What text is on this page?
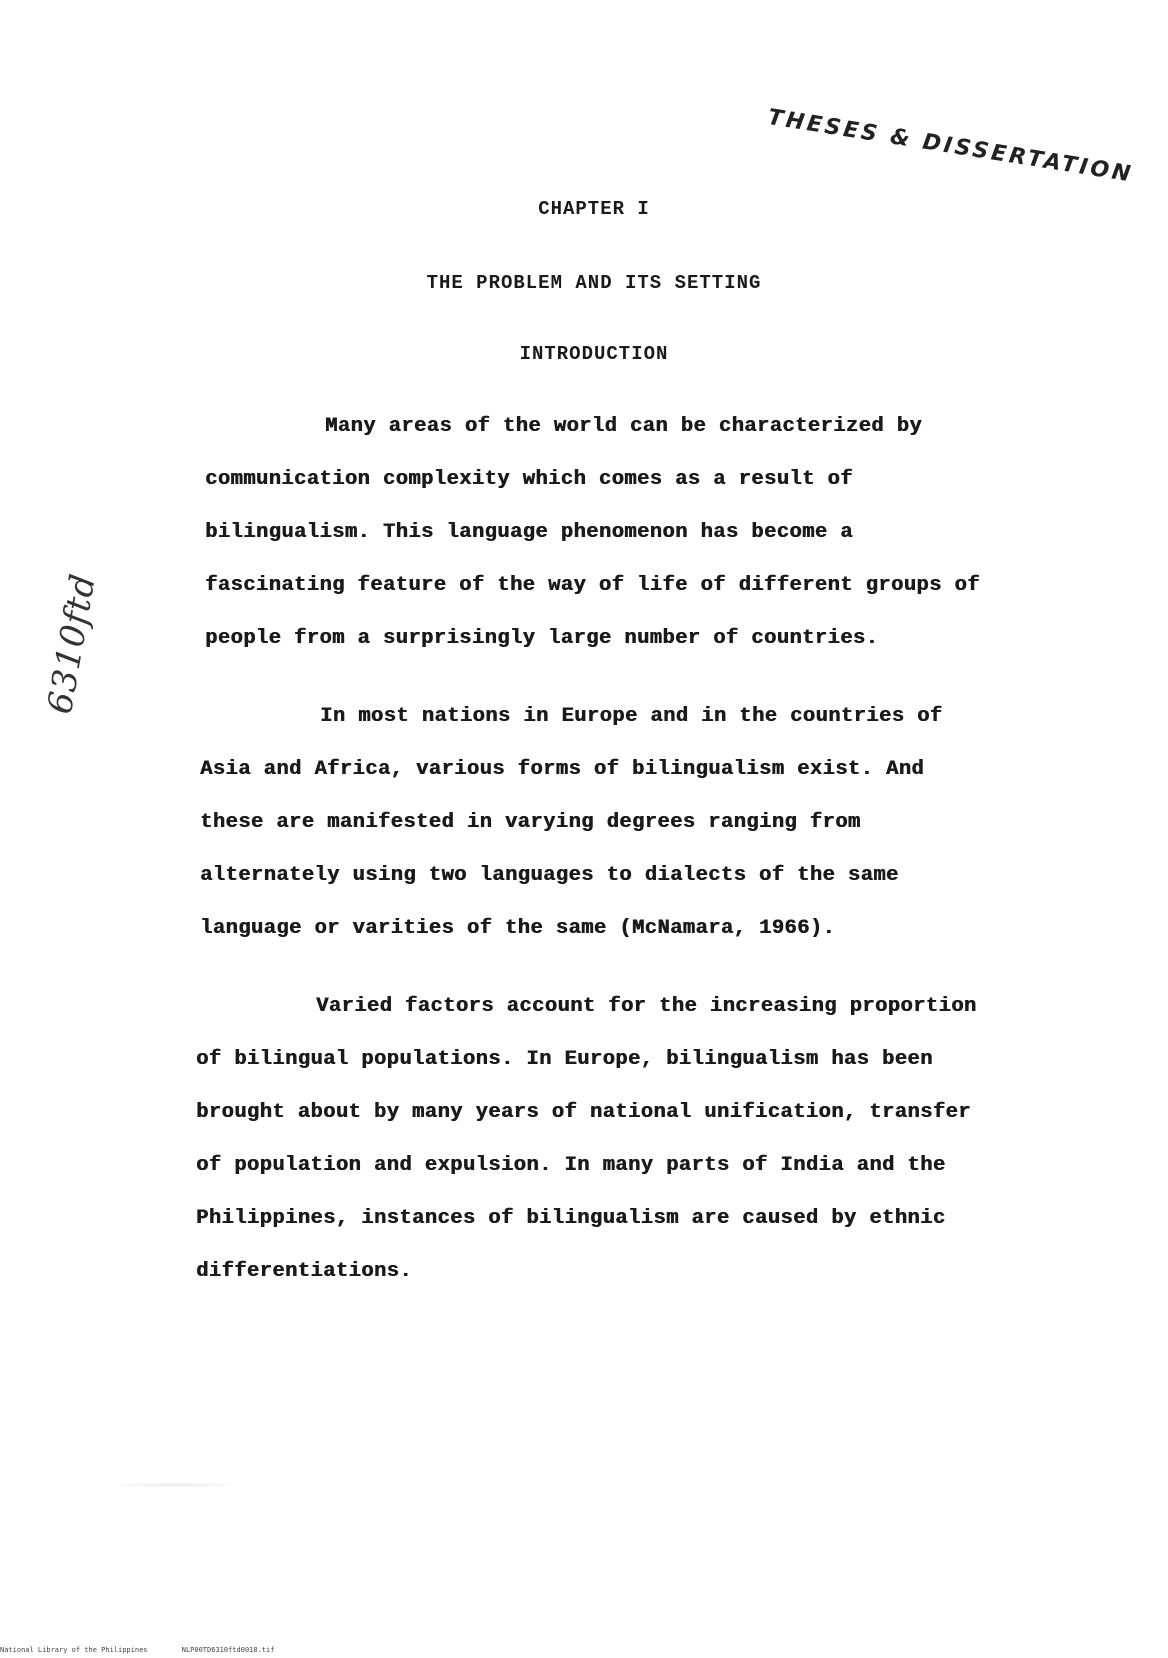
THESES & DISSERTATION
6310ftd
CHAPTER I
THE PROBLEM AND ITS SETTING
INTRODUCTION

Many areas of the world can be characterized by communication complexity which comes as a result of bilingualism. This language phenomenon has become a fascinating feature of the way of life of different groups of people from a surprisingly large number of countries.

In most nations in Europe and in the countries of Asia and Africa, various forms of bilingualism exist. And these are manifested in varying degrees ranging from alternately using two languages to dialects of the same language or varities of the same (McNamara, 1966).

Varied factors account for the increasing proportion of bilingual populations. In Europe, bilingualism has been brought about by many years of national unification, transfer of population and expulsion. In many parts of India and the Philippines, instances of bilingualism are caused by ethnic differentiations.

National Library of the Philippines	NLP00TD6310ftd0018.tif
